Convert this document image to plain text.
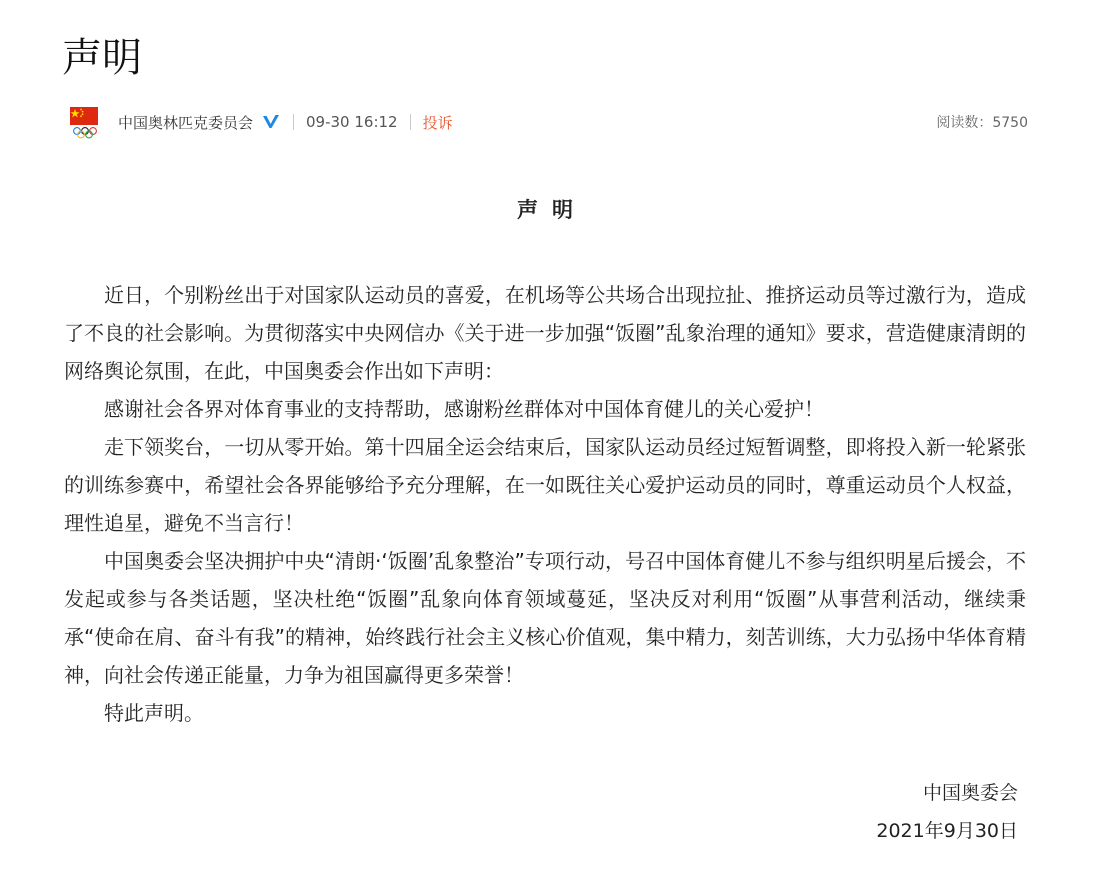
声明
中国奥林匹克委员会	09-30 16:12 投诉	阅读数：5750
声明

近日，个别粉丝出于对国家队运动员的喜爱，在机场等公共场合出现拉扯、推挤运动员等过激行为，造成了不良的社会影响。为贯彻落实中央网信办《关于进一步加强“饭圈”乱象治理的通知》要求，营造健康清朗的网络舆论氛围，在此，中国奥委会作出如下声明：

感谢社会各界对体育事业的支持帮助，感谢粉丝群体对中国体育健儿的关心爱护！

走下领奖台，一切从零开始。第十四届全运会结束后，国家队运动员经过短暂调整，即将投入新一轮紧张的训练参赛中，希望社会各界能够给予充分理解，在一如既往关心爱护运动员的同时，尊重运动员个人权益，理性追星，避免不当言行！

中国奥委会坚决拥护中央“清朗·‘饭圈’乱象整治”专项行动，号召中国体育健儿不参与组织明星后援会，不发起或参与各类话题，坚决杜绝“饭圈”乱象向体育领域蔓延，坚决反对利用“饭圈”从事营利活动，继续秉承“使命在肩、奋斗有我”的精神，始终践行社会主义核心价值观，集中精力，刻苦训练，大力弘扬中华体育精神，向社会传递正能量，力争为祖国赢得更多荣誉！

特此声明。

中国奥委会
2021年9月30日
